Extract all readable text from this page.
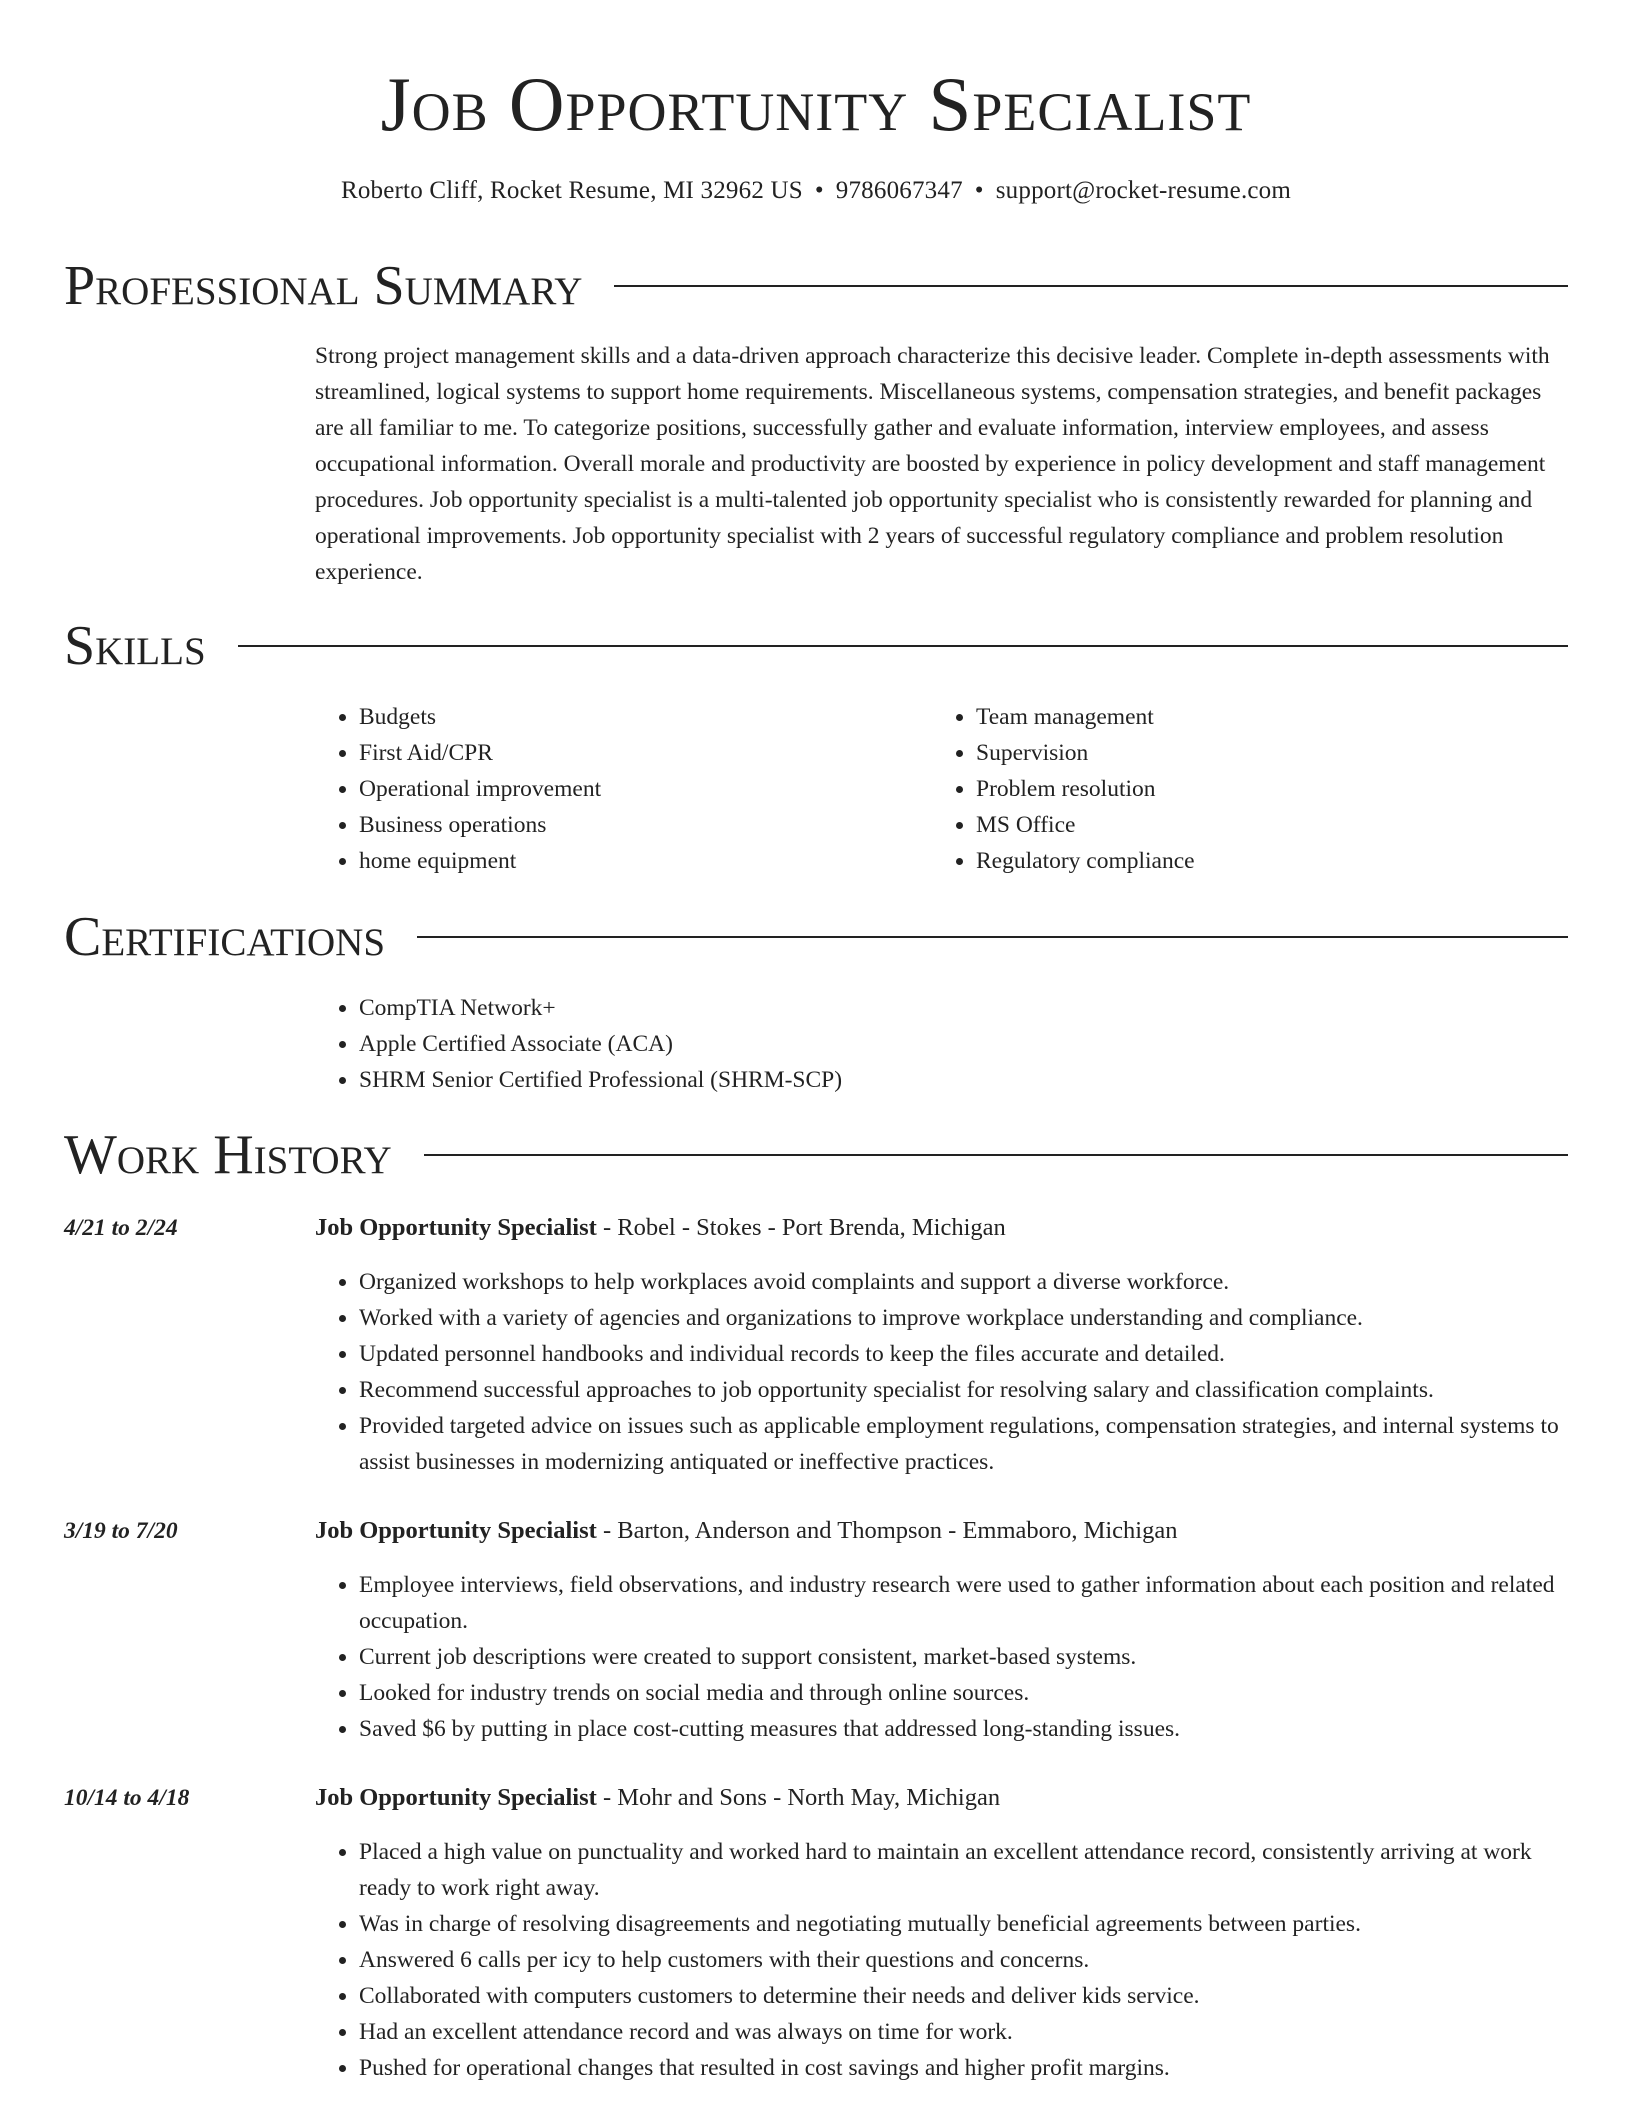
Job Opportunity Specialist
Roberto Cliff, Rocket Resume, MI 32962 US • 9786067347 • support@rocket-resume.com
Professional Summary

Strong project management skills and a data-driven approach characterize this decisive leader. Complete in-depth assessments with streamlined, logical systems to support home requirements. Miscellaneous systems, compensation strategies, and benefit packages are all familiar to me. To categorize positions, successfully gather and evaluate information, interview employees, and assess occupational information. Overall morale and productivity are boosted by experience in policy development and staff management procedures. Job opportunity specialist is a multi-talented job opportunity specialist who is consistently rewarded for planning and operational improvements. Job opportunity specialist with 2 years of successful regulatory compliance and problem resolution experience.

Skills
• Budgets
• First Aid/CPR
• Operational improvement
• Business operations
• home equipment
• Team management
• Supervision
• Problem resolution
• MS Office
• Regulatory compliance
Certifications
• CompTIA Network+
• Apple Certified Associate (ACA)
• SHRM Senior Certified Professional (SHRM-SCP)
Work History
4/21 to 2/24	Job Opportunity Specialist - Robel - Stokes - Port Brenda, Michigan
• Organized workshops to help workplaces avoid complaints and support a diverse workforce.
• Worked with a variety of agencies and organizations to improve workplace understanding and compliance.
• Updated personnel handbooks and individual records to keep the files accurate and detailed.
• Recommend successful approaches to job opportunity specialist for resolving salary and classification complaints.
• Provided targeted advice on issues such as applicable employment regulations, compensation strategies, and internal systems to assist businesses in modernizing antiquated or ineffective practices.
3/19 to 7/20	Job Opportunity Specialist - Barton, Anderson and Thompson - Emmaboro, Michigan
• Employee interviews, field observations, and industry research were used to gather information about each position and related occupation.
• Current job descriptions were created to support consistent, market-based systems.
• Looked for industry trends on social media and through online sources.
• Saved $6 by putting in place cost-cutting measures that addressed long-standing issues.
10/14 to 4/18	Job Opportunity Specialist - Mohr and Sons - North May, Michigan
• Placed a high value on punctuality and worked hard to maintain an excellent attendance record, consistently arriving at work ready to work right away.
• Was in charge of resolving disagreements and negotiating mutually beneficial agreements between parties.
• Answered 6 calls per icy to help customers with their questions and concerns.
• Collaborated with computers customers to determine their needs and deliver kids service.
• Had an excellent attendance record and was always on time for work.
• Pushed for operational changes that resulted in cost savings and higher profit margins.
